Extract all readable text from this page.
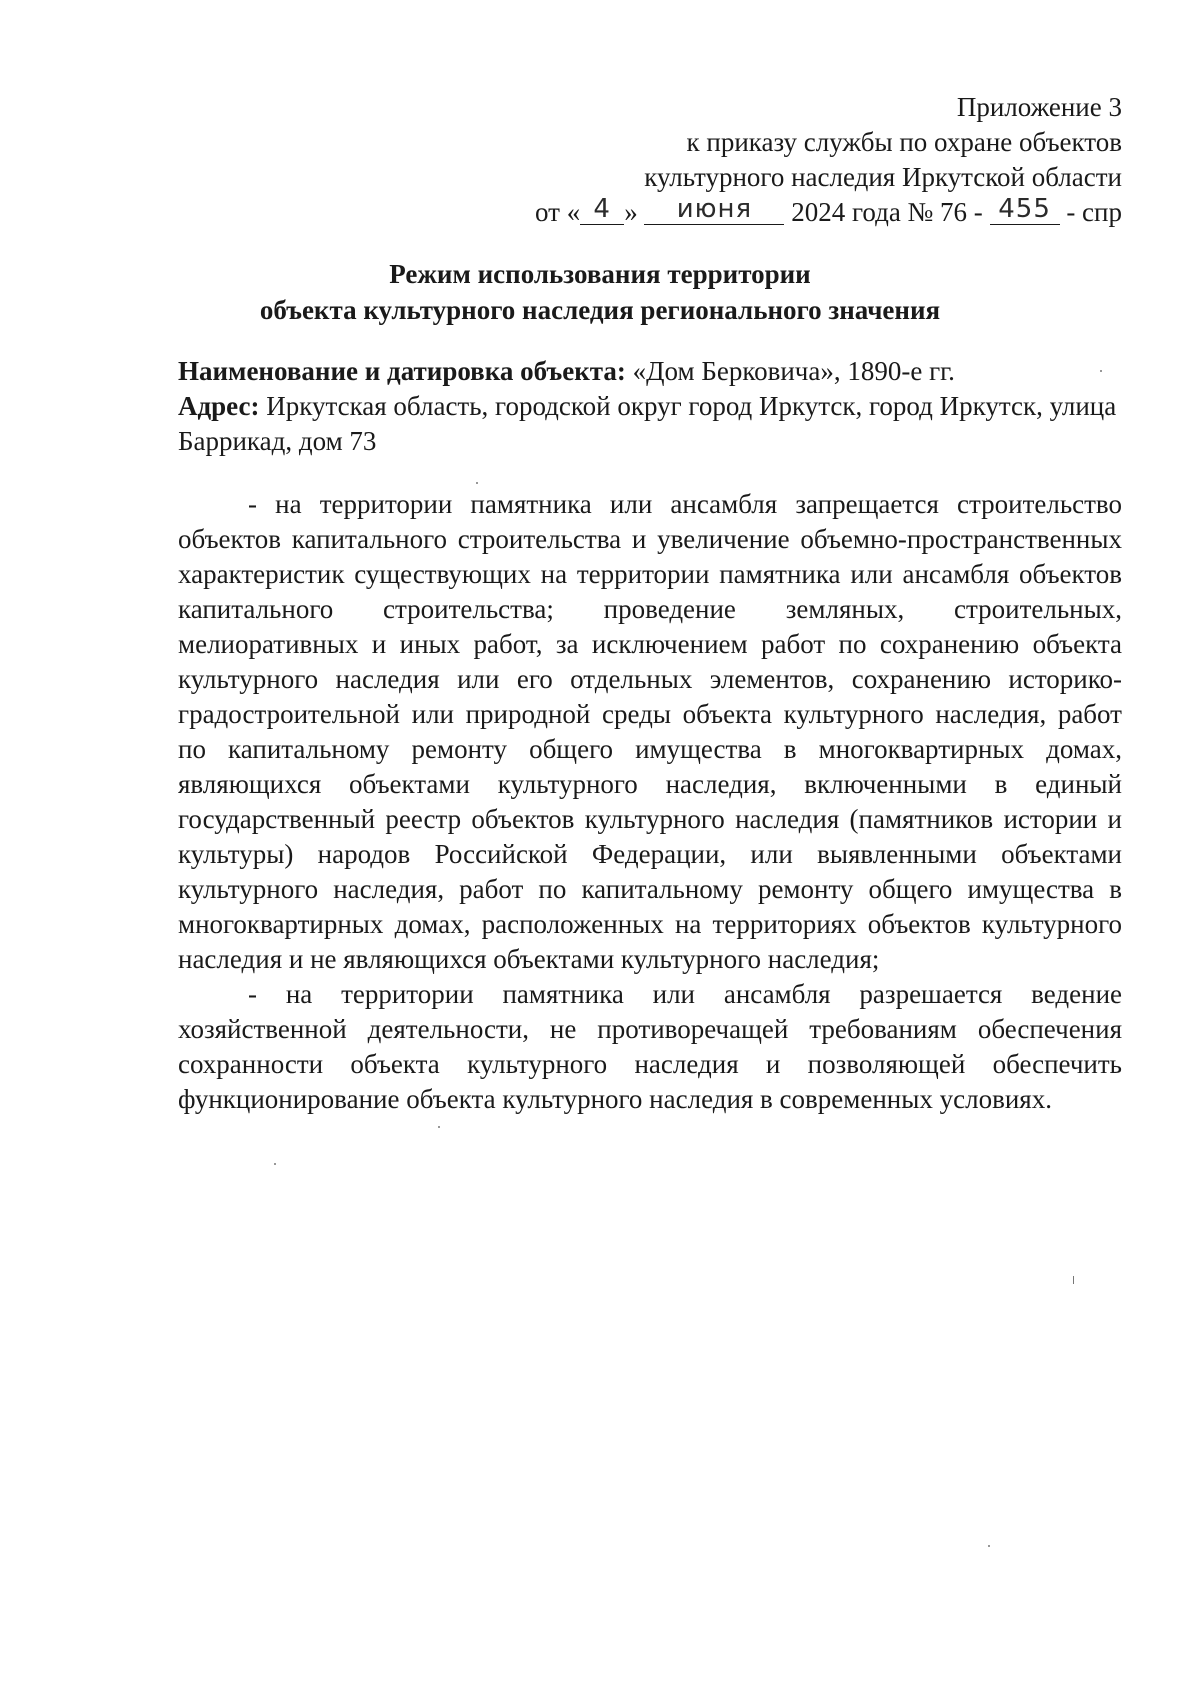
Приложение 3
к приказу службы по охране объектов
культурного наследия Иркутской области
от « 4 » июня 2024 года № 76 - 455 - спр
Режим использования территории
объекта культурного наследия регионального значения
Наименование и датировка объекта: «Дом Берковича», 1890-е гг.
Адрес: Иркутская область, городской округ город Иркутск, город Иркутск, улица Баррикад, дом 73

- на территории памятника или ансамбля запрещается строительство объектов капитального строительства и увеличение объемно-пространственных характеристик существующих на территории памятника или ансамбля объектов капитального строительства; проведение земляных, строительных, мелиоративных и иных работ, за исключением работ по сохранению объекта культурного наследия или его отдельных элементов, сохранению историко-градостроительной или природной среды объекта культурного наследия, работ по капитальному ремонту общего имущества в многоквартирных домах, являющихся объектами культурного наследия, включенными в единый государственный реестр объектов культурного наследия (памятников истории и культуры) народов Российской Федерации, или выявленными объектами культурного наследия, работ по капитальному ремонту общего имущества в многоквартирных домах, расположенных на территориях объектов культурного наследия и не являющихся объектами культурного наследия;

- на территории памятника или ансамбля разрешается ведение хозяйственной деятельности, не противоречащей требованиям обеспечения сохранности объекта культурного наследия и позволяющей обеспечить функционирование объекта культурного наследия в современных условиях.
